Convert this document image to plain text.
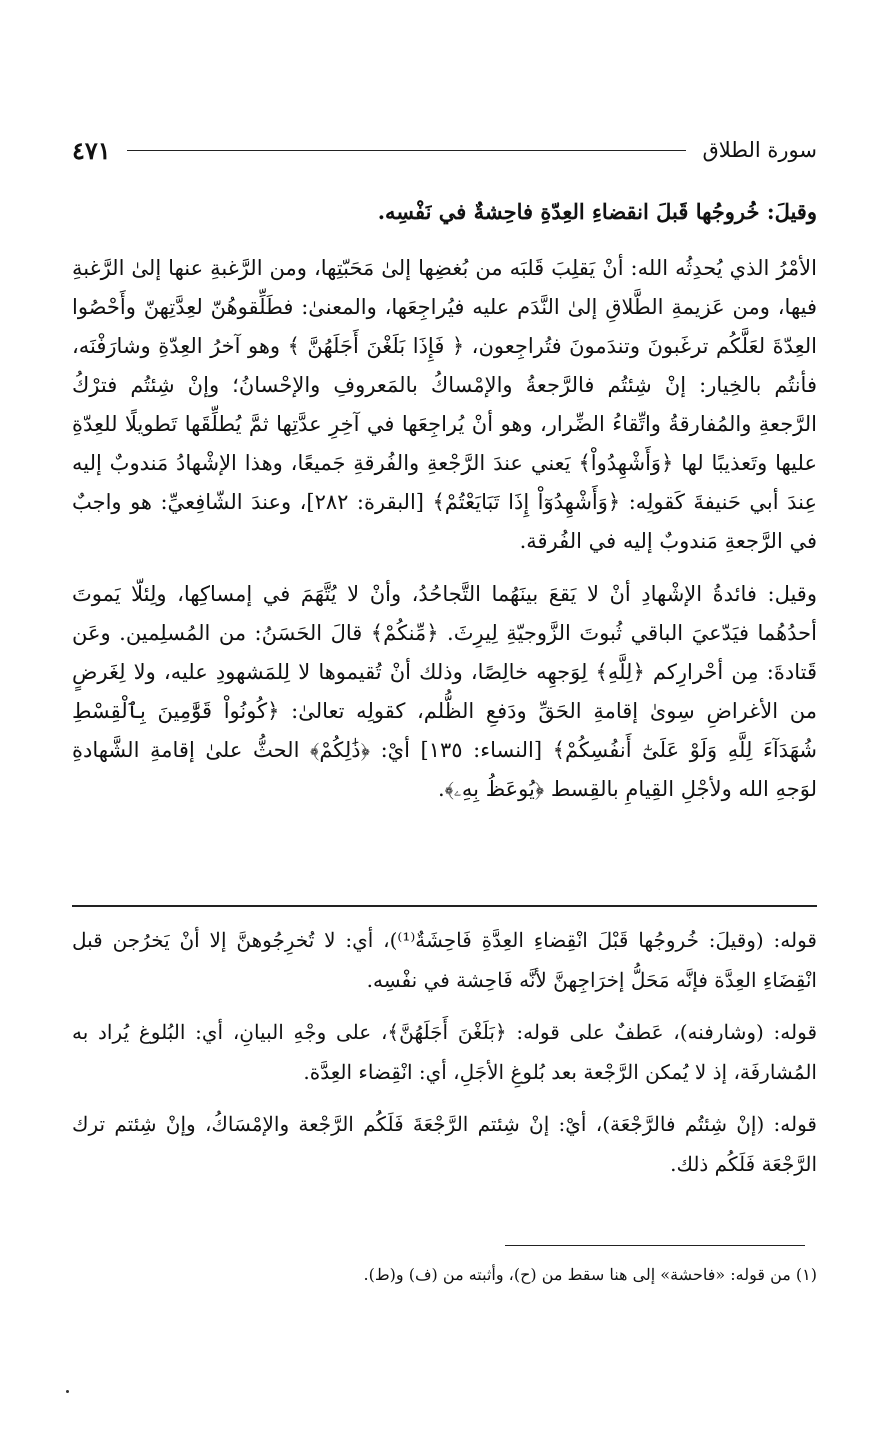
سورة الطلاق
٤٧١

وقيلَ: خُروجُها قَبلَ انقضاءِ العِدّةِ فاحِشةٌ في نَفْسِه.

الأمْرُ الذي يُحدِثُه الله: أنْ يَقلِبَ قَلبَه من بُغضِها إلىٰ مَحَبّتِها، ومن الرَّغبةِ عنها إلىٰ الرَّغبةِ فيها، ومن عَزيمةِ الطَّلاقِ إلىٰ النَّدَم عليه فيُراجِعَها، والمعنىٰ: فطَلِّقوهُنّ لعِدَّتِهنّ وأَحْصُوا العِدّةَ لعَلَّكُم ترغَبونَ وتندَمونَ فتُراجِعون، ﴿ فَإِذَا بَلَغْنَ أَجَلَهُنَّ ﴾ وهو آخرُ العِدّةِ وشارَفْنَه، فأنتُم بالخِيار: إنْ شِئتُم فالرَّجعةُ والإمْساكُ بالمَعروفِ والإحْسانُ؛ وإنْ شِئتُم فترْكُ الرَّجعةِ والمُفارقةُ واتِّقاءُ الضِّرار، وهو أنْ يُراجِعَها في آخِرِ عدَّتِها ثمَّ يُطلِّقَها تَطويلًا للعِدّةِ عليها وتَعذيبًا لها ﴿وَأَشْهِدُواْ﴾ يَعني عندَ الرَّجْعةِ والفُرقةِ جَميعًا، وهذا الإشْهادُ مَندوبٌ إليه عِندَ أبي حَنيفةَ كَقولِه: ﴿وَأَشْهِدُوٓاْ إِذَا تَبَايَعْتُمْ﴾ [البقرة: ٢٨٢]، وعندَ الشّافِعيِّ: هو واجبٌ في الرَّجعةِ مَندوبٌ إليه في الفُرقة.

وقيل: فائدةُ الإشْهادِ أنْ لا يَقعَ بينَهُما التَّجاحُدُ، وأنْ لا يُتَّهَمَ في إمساكِها، ولِئلّا يَموتَ أحدُهُما فيَدّعيَ الباقي ثُبوتَ الزَّوجيّةِ لِيرِثَ. ﴿مِّنكُمْ﴾ قالَ الحَسَنُ: من المُسلِمين. وعَن قَتادةَ: مِن أحْرارِكم ﴿لِلَّهِ﴾ لِوَجهِه خالِصًا، وذلك أنْ تُقيموها لا لِلمَشهودِ عليه، ولا لِغَرضٍ من الأغراضِ سِوىٰ إقامةِ الحَقِّ ودَفعِ الظُّلم، كقولِه تعالىٰ: ﴿كُونُواْ قَوَّٰمِينَ بِٱلْقِسْطِ شُهَدَآءَ لِلَّهِ وَلَوْ عَلَىٰٓ أَنفُسِكُمْ﴾ [النساء: ١٣٥] أيْ: ﴿ذَٰلِكُمْ﴾ الحثُّ علىٰ إقامةِ الشَّهادةِ لوَجهِ الله ولأجْلِ القِيامِ بالقِسط ﴿يُوعَظُ بِهِۦ﴾.

قوله: (وقيلَ: خُروجُها قَبْلَ انْقِضاءِ العِدَّةِ فَاحِشَةٌ⁽¹⁾)، أي: لا تُخرِجُوهنَّ إلا أنْ يَخرُجن قبل انْقِضَاءِ العِدَّة فإنَّه مَحَلُّ إخرَاجِهنَّ لأنَّه فَاحِشة في نفْسِه.

قوله: (وشارفنه)، عَطفٌ على قوله: ﴿بَلَغْنَ أَجَلَهُنَّ﴾، على وجْهِ البيانِ، أي: البُلوغ يُراد به المُشارفَة، إذ لا يُمكن الرَّجْعة بعد بُلوغِ الأجَلِ، أي: انْقِضاء العِدَّة.

قوله: (إنْ شِئتُم فالرَّجْعَة)، أيْ: إنْ شِئتم الرَّجْعَةَ فَلَكُم الرَّجْعة والإمْسَاكُ، وإنْ شِئتم ترك الرَّجْعَة فَلَكُم ذلك.

(١) من قوله: «فاحشة» إلى هنا سقط من (ح)، وأثبته من (ف) و(ط).
